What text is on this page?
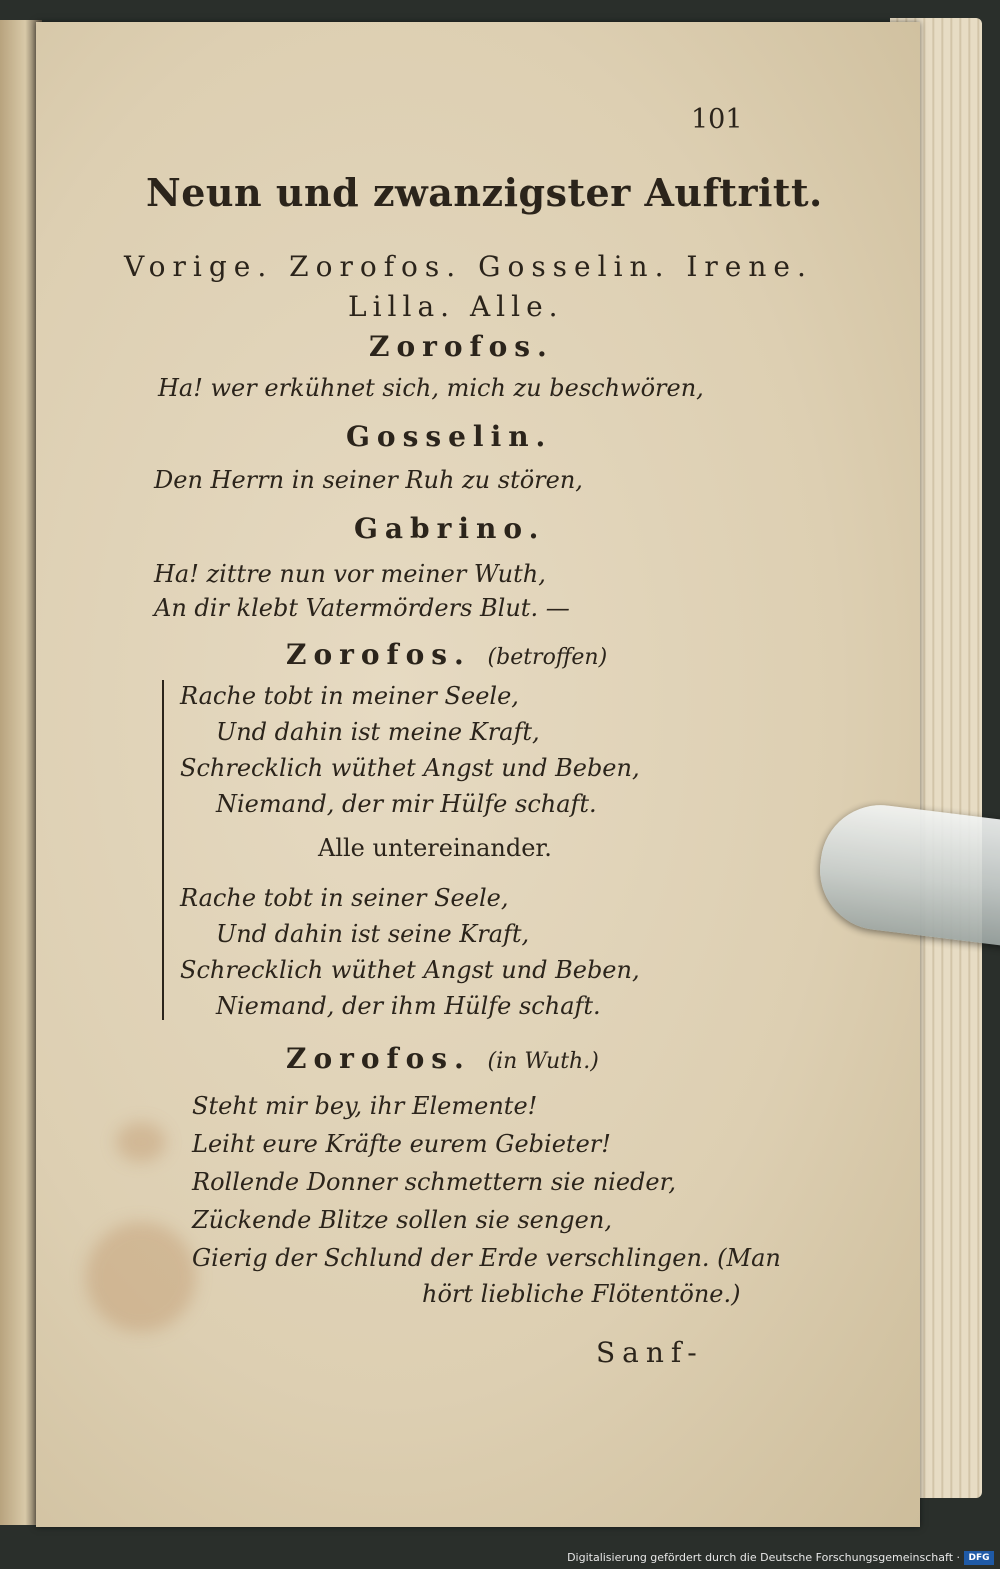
101
Neun und zwanzigster Auftritt.
Vorige. Zorofos. Gosselin. Irene.
Lilla. Alle.
Zorofos.
Ha! wer erkühnet sich, mich zu beschwören,
Gosselin.
Den Herrn in seiner Ruh zu stören,
Gabrino.
Ha! zittre nun vor meiner Wuth,
An dir klebt Vatermörders Blut. —
Zorofos. (betroffen)
Rache tobt in meiner Seele,
Und dahin ist meine Kraft,
Schrecklich wüthet Angst und Beben,
Niemand, der mir Hülfe schaft.
Alle untereinander.
Rache tobt in seiner Seele,
Und dahin ist seine Kraft,
Schrecklich wüthet Angst und Beben,
Niemand, der ihm Hülfe schaft.
Zorofos. (in Wuth.)
Steht mir bey, ihr Elemente!
Leiht eure Kräfte eurem Gebieter!
Rollende Donner schmettern sie nieder,
Zückende Blitze sollen sie sengen,
Gierig der Schlund der Erde verschlingen. (Man
hört liebliche Flötentöne.)
Sanf-
Digitalisierung gefördert durch die Deutsche Forschungsgemeinschaft · DFG
